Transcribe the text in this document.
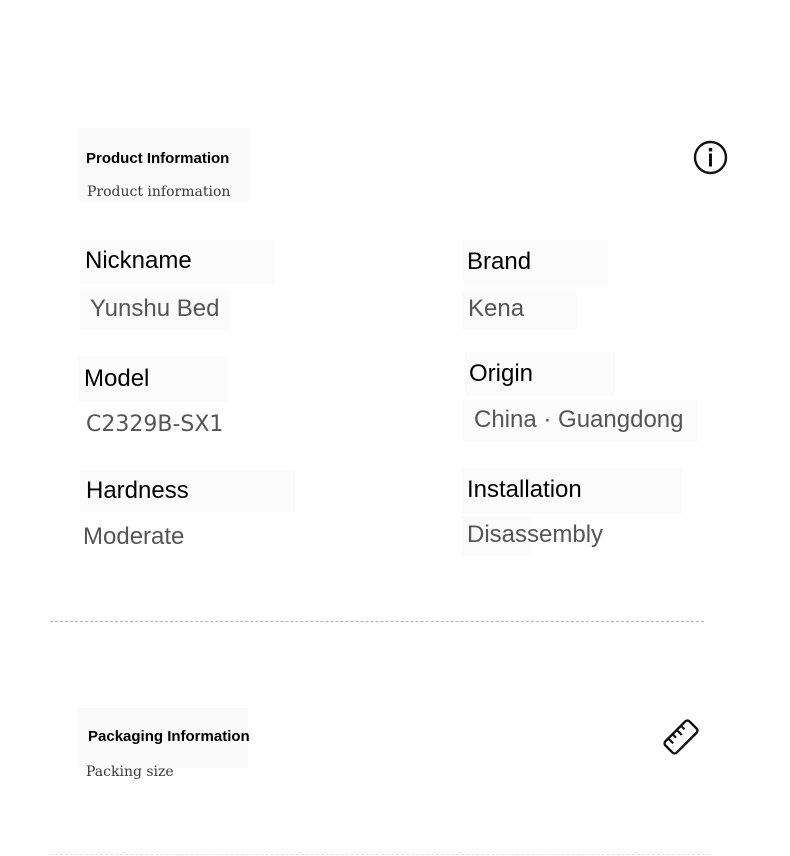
Product Information
Product information
Nickname
Yunshu Bed
Brand
Kena
Model
C2329B-SX1
Origin
China · Guangdong
Hardness
Moderate
Installation
Disassembly
Packaging Information
Packing size
